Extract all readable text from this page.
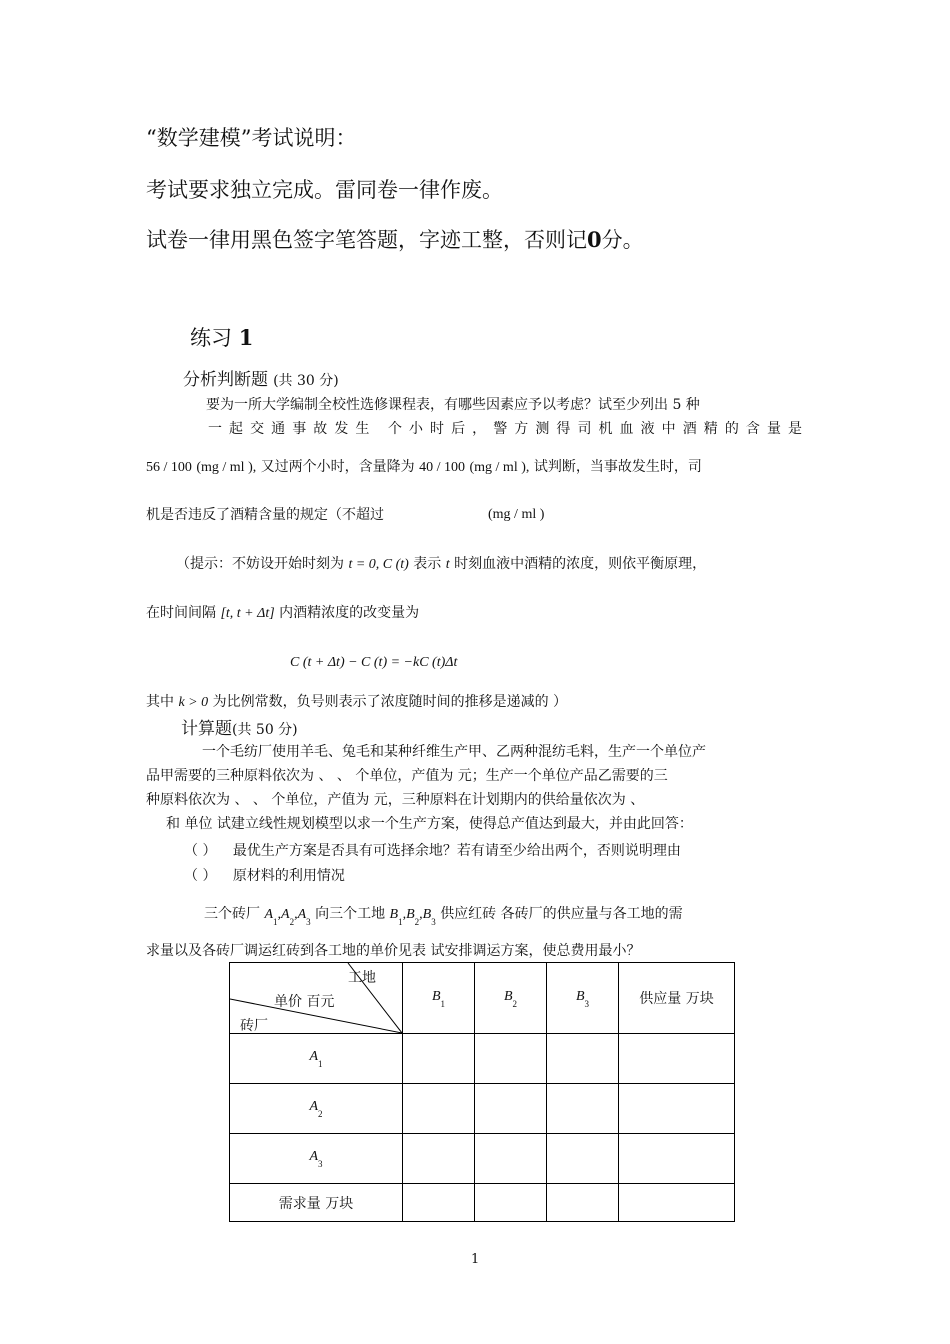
“数学建模”考试说明：
考试要求独立完成。雷同卷一律作废。
试卷一律用黑色签字笔答题，字迹工整，否则记0分。
练习 1
分析判断题 (共 30 分)
要为一所大学编制全校性选修课程表，有哪些因素应予以考虑？试至少列出 5 种
一起交通事故发生 个小时后，警方测得司机血液中酒精的含量是
56 / 100 (mg / ml ), 又过两个小时，含量降为 40 / 100 (mg / ml ), 试判断，当事故发生时，司
机是否违反了酒精含量的规定（不超过	(mg / ml )
（提示：不妨设开始时刻为 t = 0, C (t) 表示 t 时刻血液中酒精的浓度，则依平衡原理，
在时间间隔 [t, t + Δt] 内酒精浓度的改变量为
C (t + Δt) − C (t) = −kC (t)Δt
其中 k > 0 为比例常数，负号则表示了浓度随时间的推移是递减的 ）
计算题(共 50 分)
一个毛纺厂使用羊毛、兔毛和某种纤维生产甲、乙两种混纺毛料，生产一个单位产
品甲需要的三种原料依次为 、 、 个单位，产值为 元；生产一个单位产品乙需要的三
种原料依次为 、 、 个单位，产值为 元，三种原料在计划期内的供给量依次为 、
和 单位 试建立线性规划模型以求一个生产方案，使得总产值达到最大，并由此回答：
（ ） 最优生产方案是否具有可选择余地？若有请至少给出两个，否则说明理由
（ ） 原材料的利用情况
三个砖厂 $A_1,A_2,A_3$ 向三个工地 $B_1,B_2,B_3$ 供应红砖 各砖厂的供应量与各工地的需
求量以及各砖厂调运红砖到各工地的单价见表 试安排调运方案，使总费用最小？
工地
单价 百元
砖厂	$B_1$	$B_2$	$B_3$	供应量 万块
$A_1$				
$A_2$				
$A_3$				
需求量 万块				
1
